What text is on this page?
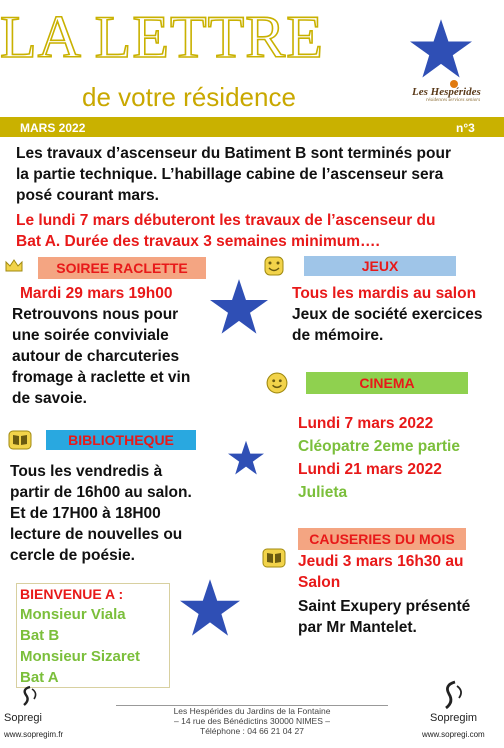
LA LETTRE
de votre résidence	Les Hespérides
résidences services seniors
MARS 2022	n°3
Les travaux d’ascenseur du Batiment B sont terminés pour
la partie technique. L’habillage cabine de l’ascenseur sera
posé courant mars.
Le lundi 7 mars débuteront les travaux de l’ascenseur du
Bat A. Durée des travaux 3 semaines minimum….
SOIREE RACLETTE
Mardi 29 mars 19h00
Retrouvons nous pour
une soirée conviviale
autour de charcuteries
fromage à raclette et vin
de savoie.
JEUX
Tous les mardis au salon
Jeux de société exercices
de mémoire.
CINEMA
Lundi 7 mars 2022
Cléopatre 2eme partie
Lundi 21 mars 2022
Julieta
BIBLIOTHEQUE
Tous les vendredis à
partir de 16h00 au salon.
Et de 17H00 à 18H00
lecture de nouvelles ou
cercle de poésie.
CAUSERIES DU MOIS
Jeudi 3 mars 16h30 au
Salon
Saint Exupery présenté
par Mr Mantelet.
BIENVENUE A :
Monsieur Viala
Bat B
Monsieur Sizaret
Bat A
Sopregi
www.sopregim.fr
Les Hespérides du Jardins de la Fontaine
– 14 rue des Bénédictins 30000 NIMES –
Téléphone : 04 66 21 04 27
Sopregim
www.sopregi.com
